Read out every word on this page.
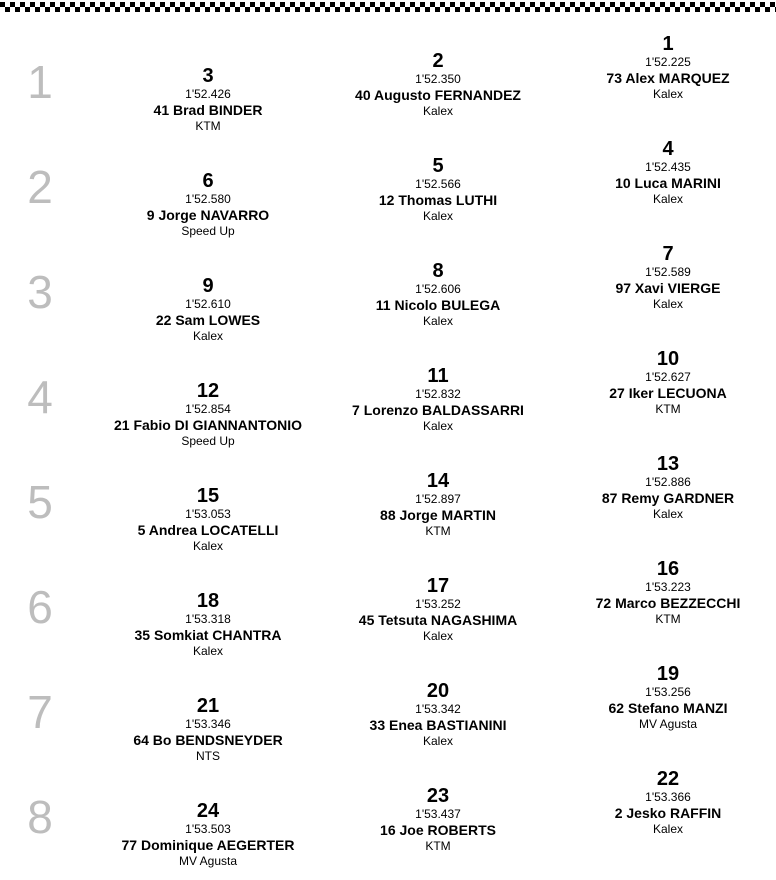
1	3
1'52.426
41 Brad BINDER
KTM
2
1'52.350
40 Augusto FERNANDEZ
Kalex
1
1'52.225
73 Alex MARQUEZ
Kalex
2	6
1'52.580
9 Jorge NAVARRO
Speed Up
5
1'52.566
12 Thomas LUTHI
Kalex
4
1'52.435
10 Luca MARINI
Kalex
3	9
1'52.610
22 Sam LOWES
Kalex
8
1'52.606
11 Nicolo BULEGA
Kalex
7
1'52.589
97 Xavi VIERGE
Kalex
4	12
1'52.854
21 Fabio DI GIANNANTONIO
Speed Up
11
1'52.832
7 Lorenzo BALDASSARRI
Kalex
10
1'52.627
27 Iker LECUONA
KTM
5	15
1'53.053
5 Andrea LOCATELLI
Kalex
14
1'52.897
88 Jorge MARTIN
KTM
13
1'52.886
87 Remy GARDNER
Kalex
6	18
1'53.318
35 Somkiat CHANTRA
Kalex
17
1'53.252
45 Tetsuta NAGASHIMA
Kalex
16
1'53.223
72 Marco BEZZECCHI
KTM
7	21
1'53.346
64 Bo BENDSNEYDER
NTS
20
1'53.342
33 Enea BASTIANINI
Kalex
19
1'53.256
62 Stefano MANZI
MV Agusta
8	24
1'53.503
77 Dominique AEGERTER
MV Agusta
23
1'53.437
16 Joe ROBERTS
KTM
22
1'53.366
2 Jesko RAFFIN
Kalex
